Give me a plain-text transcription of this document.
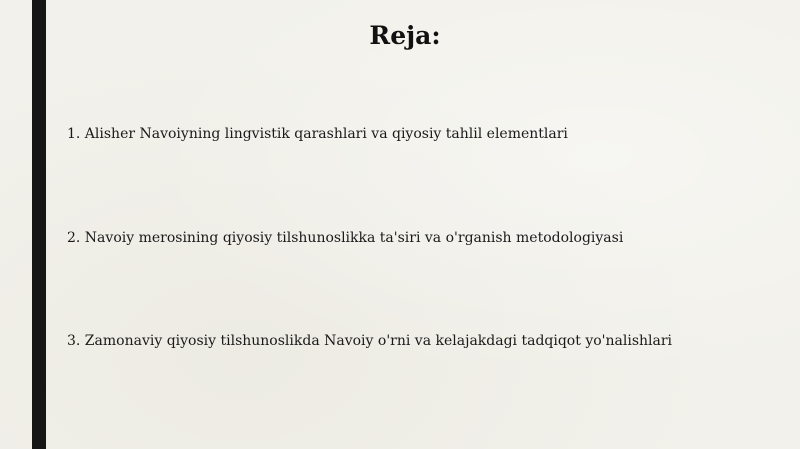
Reja:
1. Alisher Navoiyning lingvistik qarashlari va qiyosiy tahlil elementlari
2. Navoiy merosining qiyosiy tilshunoslikka ta'siri va o'rganish metodologiyasi
3. Zamonaviy qiyosiy tilshunoslikda Navoiy o'rni va kelajakdagi tadqiqot yo'nalishlari
